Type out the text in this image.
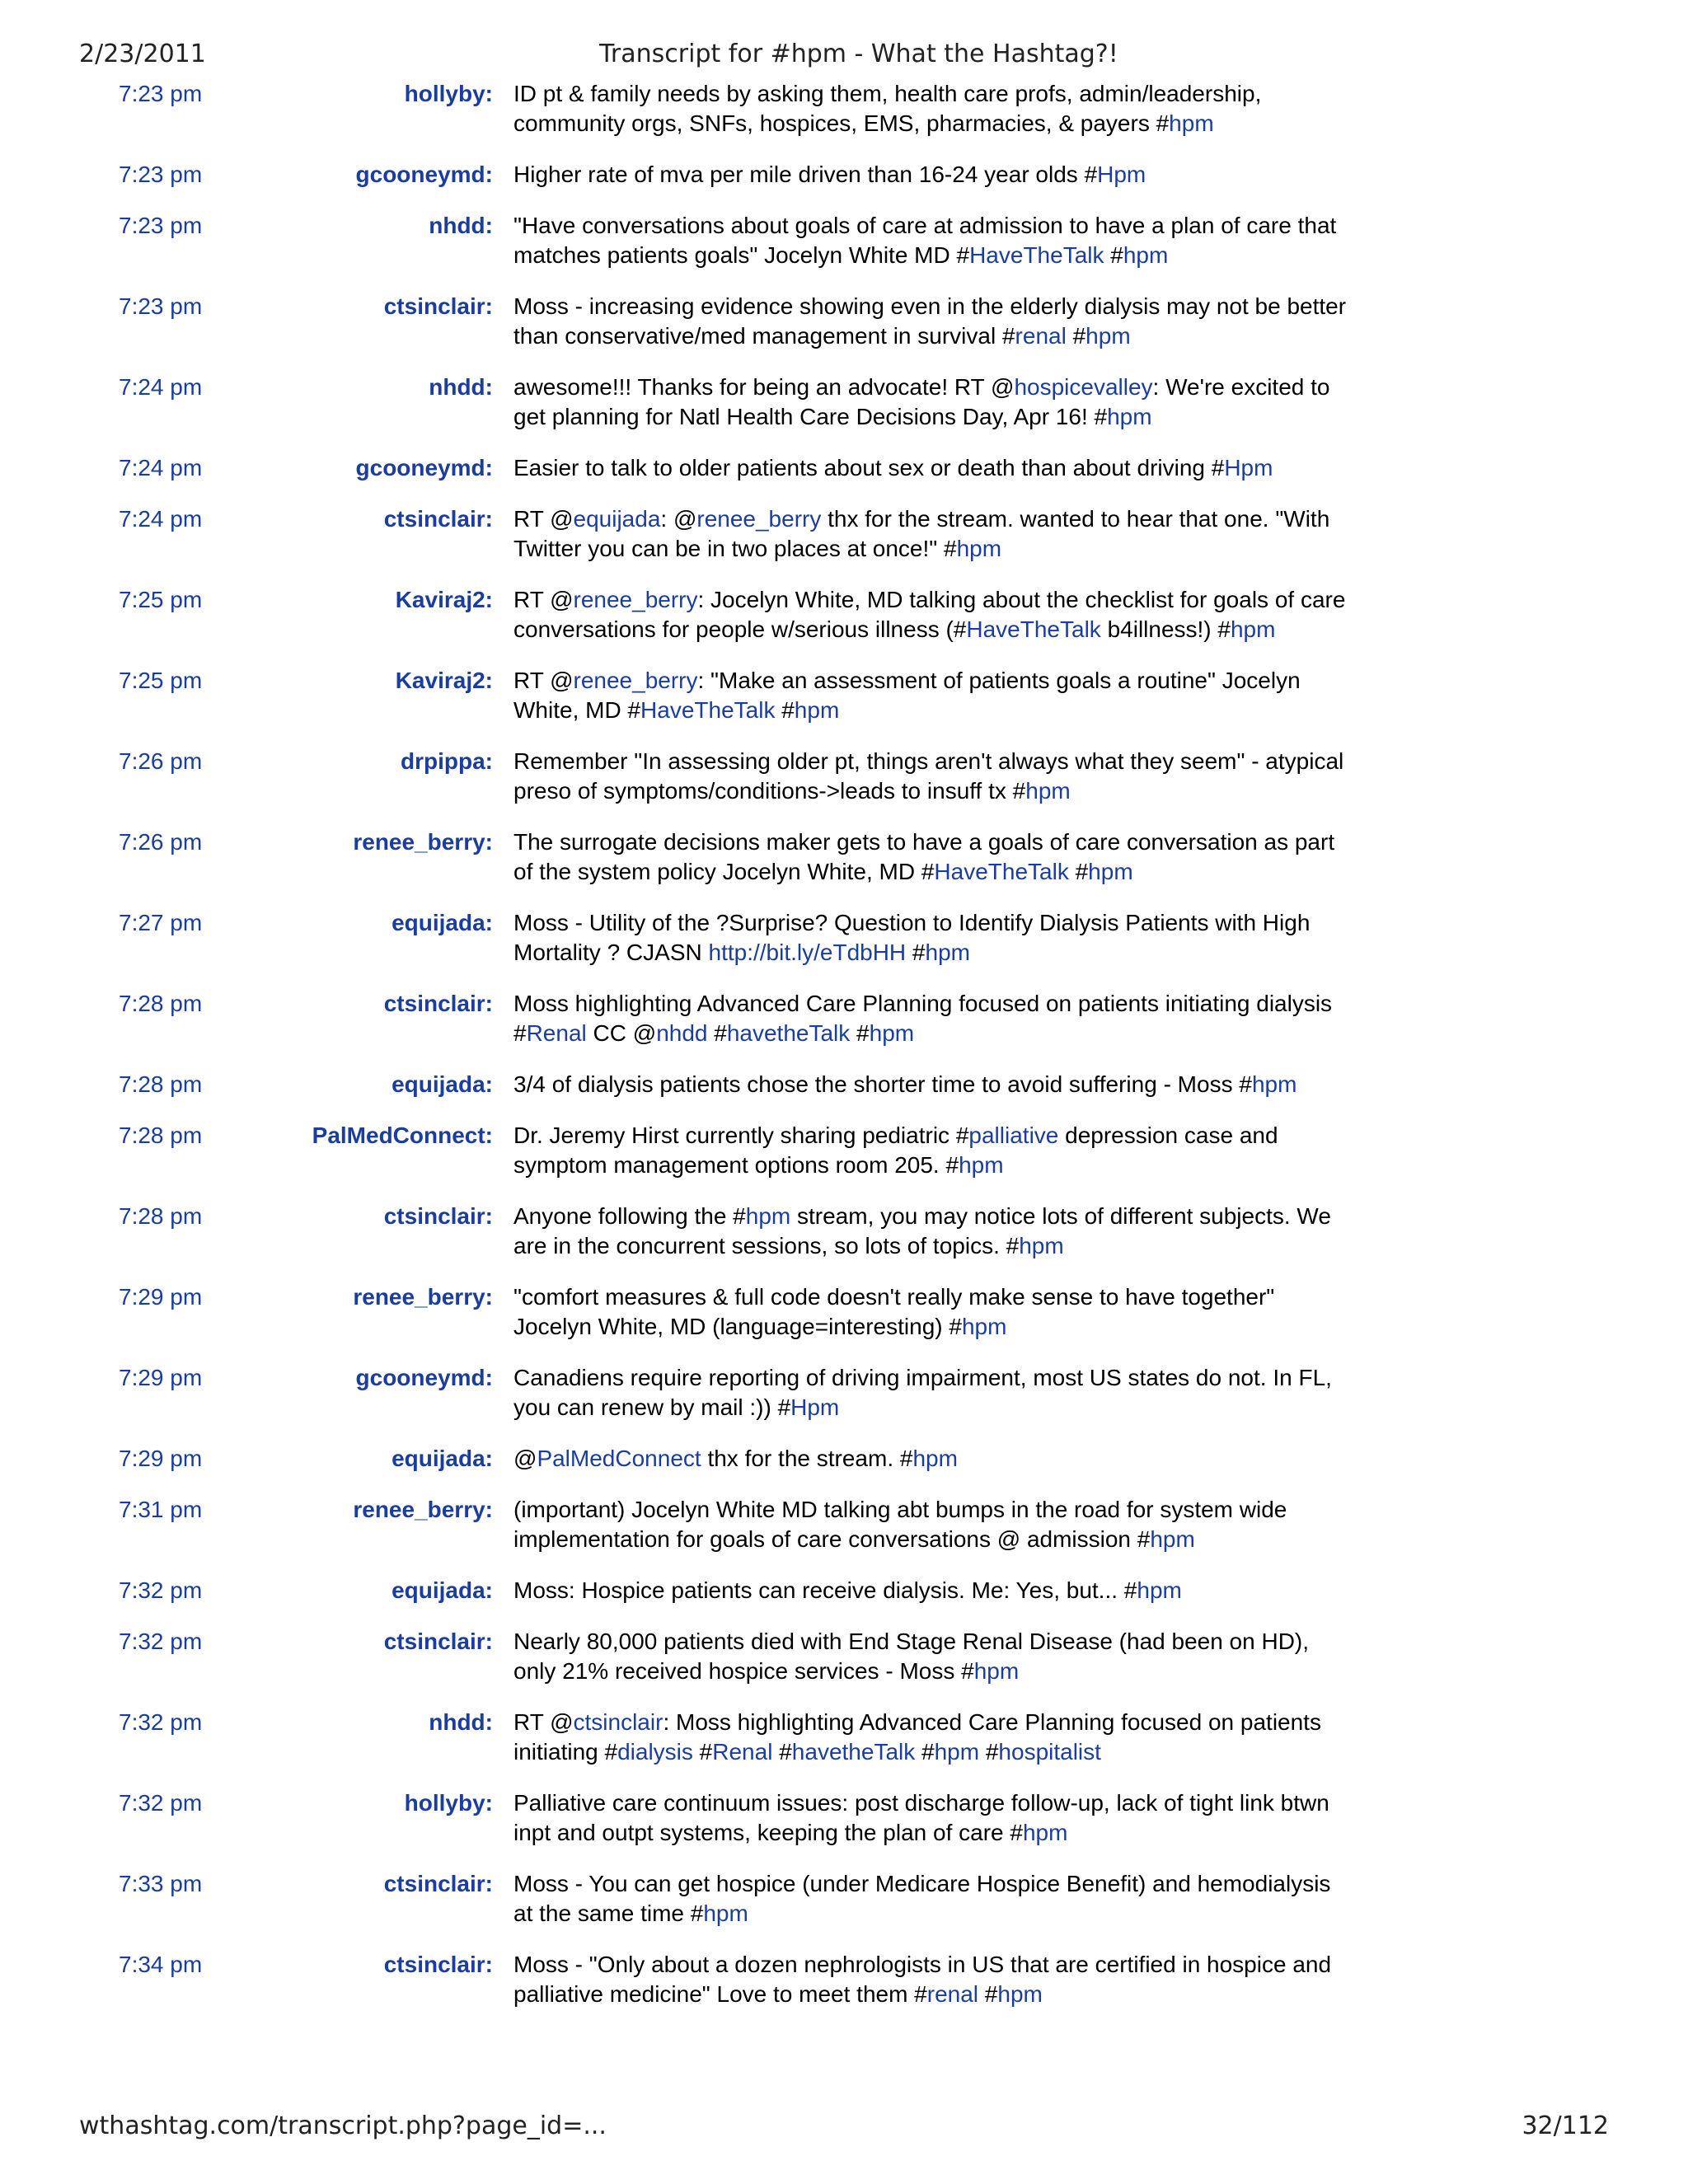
2/23/2011	Transcript for #hpm - What the Hashtag?!
7:23 pm	hollyby: ID pt & family needs by asking them, health care profs, admin/leadership, community orgs, SNFs, hospices, EMS, pharmacies, & payers #hpm
7:23 pm	gcooneymd: Higher rate of mva per mile driven than 16-24 year olds #Hpm
7:23 pm	nhdd: "Have conversations about goals of care at admission to have a plan of care that matches patients goals" Jocelyn White MD #HaveTheTalk #hpm
7:23 pm	ctsinclair: Moss - increasing evidence showing even in the elderly dialysis may not be better than conservative/med management in survival #renal #hpm
7:24 pm	nhdd: awesome!!! Thanks for being an advocate! RT @hospicevalley: We're excited to get planning for Natl Health Care Decisions Day, Apr 16! #hpm
7:24 pm	gcooneymd: Easier to talk to older patients about sex or death than about driving #Hpm
7:24 pm	ctsinclair: RT @equijada: @renee_berry thx for the stream. wanted to hear that one. "With Twitter you can be in two places at once!" #hpm
7:25 pm	Kaviraj2: RT @renee_berry: Jocelyn White, MD talking about the checklist for goals of care conversations for people w/serious illness (#HaveTheTalk b4illness!) #hpm
7:25 pm	Kaviraj2: RT @renee_berry: "Make an assessment of patients goals a routine" Jocelyn White, MD #HaveTheTalk #hpm
7:26 pm	drpippa: Remember "In assessing older pt, things aren't always what they seem" - atypical preso of symptoms/conditions->leads to insuff tx #hpm
7:26 pm	renee_berry: The surrogate decisions maker gets to have a goals of care conversation as part of the system policy Jocelyn White, MD #HaveTheTalk #hpm
7:27 pm	equijada: Moss - Utility of the ?Surprise? Question to Identify Dialysis Patients with High Mortality ? CJASN http://bit.ly/eTdbHH #hpm
7:28 pm	ctsinclair: Moss highlighting Advanced Care Planning focused on patients initiating dialysis #Renal CC @nhdd #havetheTalk #hpm
7:28 pm	equijada: 3/4 of dialysis patients chose the shorter time to avoid suffering - Moss #hpm
7:28 pm	PalMedConnect: Dr. Jeremy Hirst currently sharing pediatric #palliative depression case and symptom management options room 205. #hpm
7:28 pm	ctsinclair: Anyone following the #hpm stream, you may notice lots of different subjects. We are in the concurrent sessions, so lots of topics. #hpm
7:29 pm	renee_berry: "comfort measures & full code doesn't really make sense to have together" Jocelyn White, MD (language=interesting) #hpm
7:29 pm	gcooneymd: Canadiens require reporting of driving impairment, most US states do not. In FL, you can renew by mail :)) #Hpm
7:29 pm	equijada: @PalMedConnect thx for the stream. #hpm
7:31 pm	renee_berry: (important) Jocelyn White MD talking abt bumps in the road for system wide implementation for goals of care conversations @ admission #hpm
7:32 pm	equijada: Moss: Hospice patients can receive dialysis. Me: Yes, but... #hpm
7:32 pm	ctsinclair: Nearly 80,000 patients died with End Stage Renal Disease (had been on HD), only 21% received hospice services - Moss #hpm
7:32 pm	nhdd: RT @ctsinclair: Moss highlighting Advanced Care Planning focused on patients initiating #dialysis #Renal #havetheTalk #hpm #hospitalist
7:32 pm	hollyby: Palliative care continuum issues: post discharge follow-up, lack of tight link btwn inpt and outpt systems, keeping the plan of care #hpm
7:33 pm	ctsinclair: Moss - You can get hospice (under Medicare Hospice Benefit) and hemodialysis at the same time #hpm
7:34 pm	ctsinclair: Moss - "Only about a dozen nephrologists in US that are certified in hospice and palliative medicine" Love to meet them #renal #hpm
wthashtag.com/transcript.php?page_id=...	32/112
